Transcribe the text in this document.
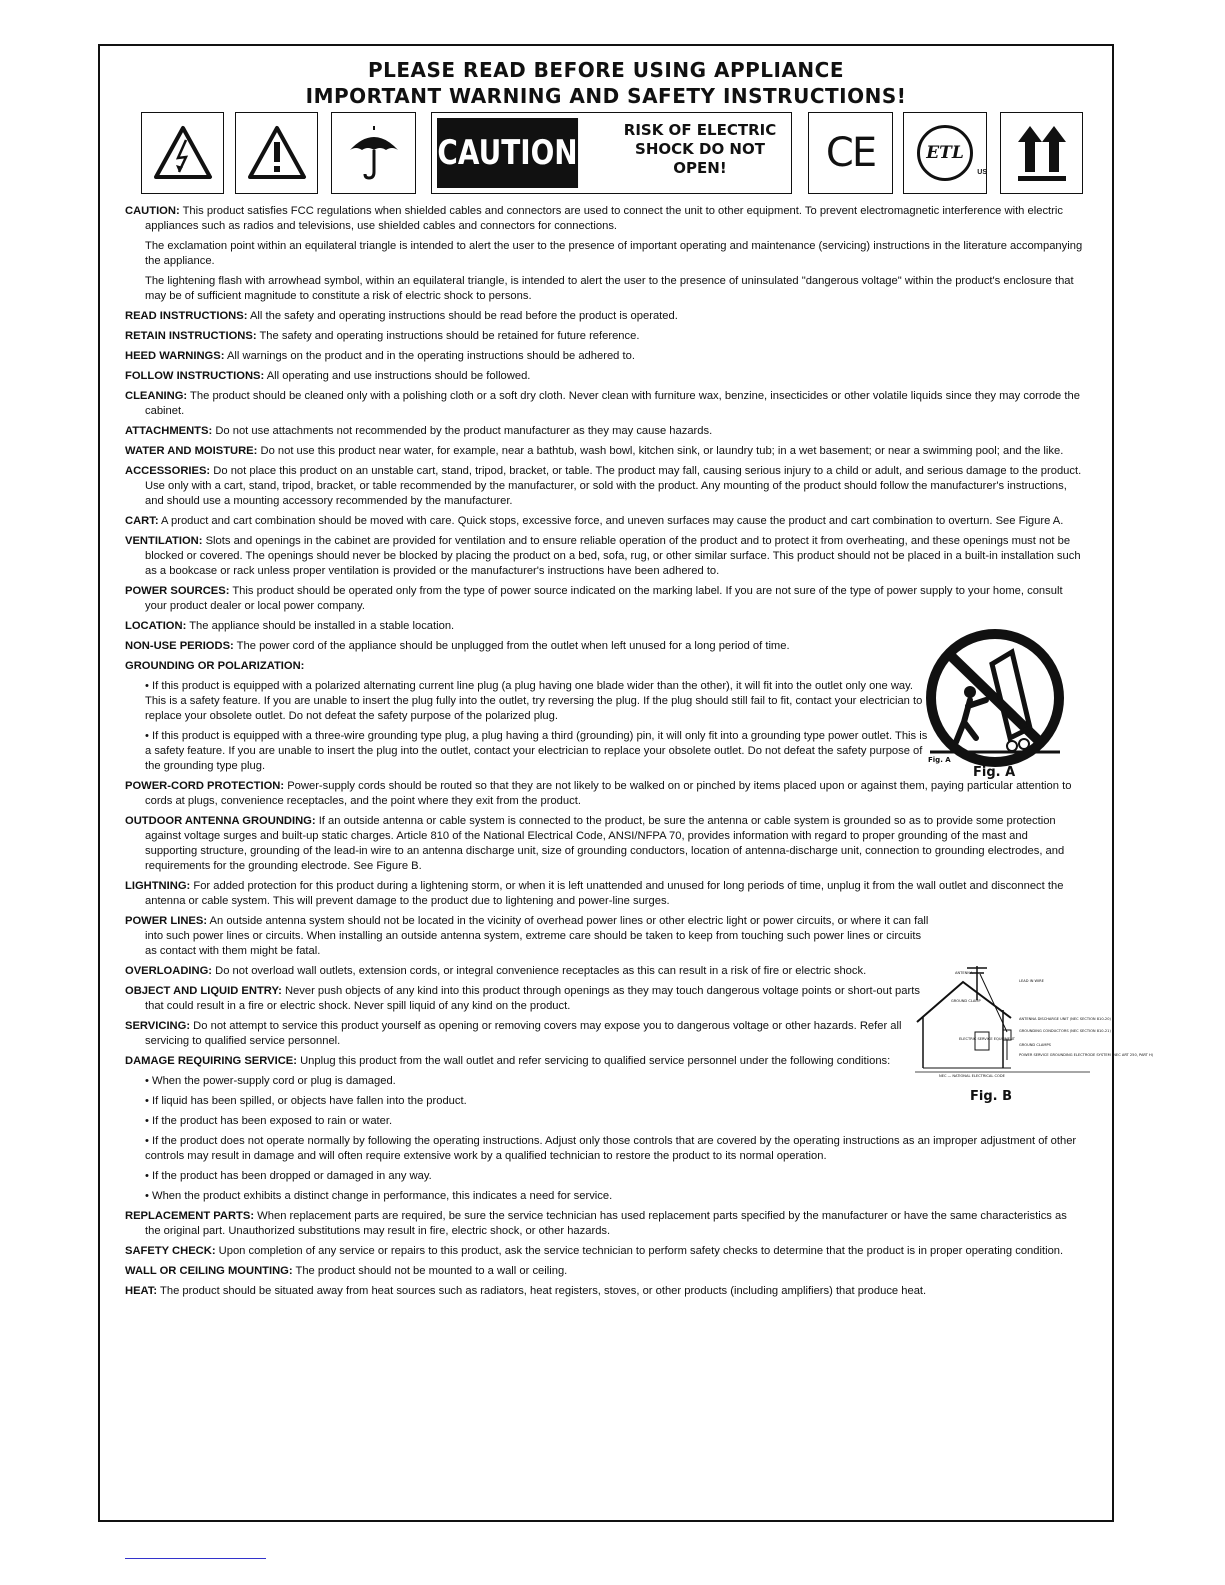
PLEASE READ BEFORE USING APPLIANCE
IMPORTANT WARNING AND SAFETY INSTRUCTIONS!
CAUTION
RISK OF ELECTRIC
SHOCK DO NOT
OPEN!	CE	ETL
US
CAUTION: This product satisfies FCC regulations when shielded cables and connectors are used to connect the unit to other equipment. To prevent electromagnetic interference with electric appliances such as radios and televisions, use shielded cables and connectors for connections.
The exclamation point within an equilateral triangle is intended to alert the user to the presence of important operating and maintenance (servicing) instructions in the literature accompanying the appliance.
The lightening flash with arrowhead symbol, within an equilateral triangle, is intended to alert the user to the presence of uninsulated "dangerous voltage" within the product's enclosure that may be of sufficient magnitude to constitute a risk of electric shock to persons.
READ INSTRUCTIONS: All the safety and operating instructions should be read before the product is operated.
RETAIN INSTRUCTIONS: The safety and operating instructions should be retained for future reference.
HEED WARNINGS: All warnings on the product and in the operating instructions should be adhered to.
FOLLOW INSTRUCTIONS: All operating and use instructions should be followed.
CLEANING: The product should be cleaned only with a polishing cloth or a soft dry cloth. Never clean with furniture wax, benzine, insecticides or other volatile liquids since they may corrode the cabinet.
ATTACHMENTS: Do not use attachments not recommended by the product manufacturer as they may cause hazards.
WATER AND MOISTURE: Do not use this product near water, for example, near a bathtub, wash bowl, kitchen sink, or laundry tub; in a wet basement; or near a swimming pool; and the like.
ACCESSORIES: Do not place this product on an unstable cart, stand, tripod, bracket, or table. The product may fall, causing serious injury to a child or adult, and serious damage to the product. Use only with a cart, stand, tripod, bracket, or table recommended by the manufacturer, or sold with the product. Any mounting of the product should follow the manufacturer's instructions, and should use a mounting accessory recommended by the manufacturer.
CART: A product and cart combination should be moved with care. Quick stops, excessive force, and uneven surfaces may cause the product and cart combination to overturn. See Figure A.
VENTILATION: Slots and openings in the cabinet are provided for ventilation and to ensure reliable operation of the product and to protect it from overheating, and these openings must not be blocked or covered. The openings should never be blocked by placing the product on a bed, sofa, rug, or other similar surface. This product should not be placed in a built-in installation such as a bookcase or rack unless proper ventilation is provided or the manufacturer's instructions have been adhered to.
POWER SOURCES: This product should be operated only from the type of power source indicated on the marking label. If you are not sure of the type of power supply to your home, consult your product dealer or local power company.
LOCATION: The appliance should be installed in a stable location.
NON-USE PERIODS: The power cord of the appliance should be unplugged from the outlet when left unused for a long period of time.
GROUNDING OR POLARIZATION:
• If this product is equipped with a polarized alternating current line plug (a plug having one blade wider than the other), it will fit into the outlet only one way. This is a safety feature. If you are unable to insert the plug fully into the outlet, try reversing the plug. If the plug should still fail to fit, contact your electrician to replace your obsolete outlet. Do not defeat the safety purpose of the polarized plug.
• If this product is equipped with a three-wire grounding type plug, a plug having a third (grounding) pin, it will only fit into a grounding type power outlet. This is a safety feature. If you are unable to insert the plug into the outlet, contact your electrician to replace your obsolete outlet. Do not defeat the safety purpose of the grounding type plug.
POWER-CORD PROTECTION: Power-supply cords should be routed so that they are not likely to be walked on or pinched by items placed upon or against them, paying particular attention to cords at plugs, convenience receptacles, and the point where they exit from the product.
OUTDOOR ANTENNA GROUNDING: If an outside antenna or cable system is connected to the product, be sure the antenna or cable system is grounded so as to provide some protection against voltage surges and built-up static charges. Article 810 of the National Electrical Code, ANSI/NFPA 70, provides information with regard to proper grounding of the mast and supporting structure, grounding of the lead-in wire to an antenna discharge unit, size of grounding conductors, location of antenna-discharge unit, connection to grounding electrodes, and requirements for the grounding electrode. See Figure B.
LIGHTNING: For added protection for this product during a lightening storm, or when it is left unattended and unused for long periods of time, unplug it from the wall outlet and disconnect the antenna or cable system. This will prevent damage to the product due to lightening and power-line surges.
POWER LINES: An outside antenna system should not be located in the vicinity of overhead power lines or other electric light or power circuits, or where it can fall into such power lines or circuits. When installing an outside antenna system, extreme care should be taken to keep from touching such power lines or circuits as contact with them might be fatal.
OVERLOADING: Do not overload wall outlets, extension cords, or integral convenience receptacles as this can result in a risk of fire or electric shock.
OBJECT AND LIQUID ENTRY: Never push objects of any kind into this product through openings as they may touch dangerous voltage points or short-out parts that could result in a fire or electric shock. Never spill liquid of any kind on the product.
SERVICING: Do not attempt to service this product yourself as opening or removing covers may expose you to dangerous voltage or other hazards. Refer all servicing to qualified service personnel.
DAMAGE REQUIRING SERVICE: Unplug this product from the wall outlet and refer servicing to qualified service personnel under the following conditions:
• When the power-supply cord or plug is damaged.
• If liquid has been spilled, or objects have fallen into the product.
• If the product has been exposed to rain or water.
• If the product does not operate normally by following the operating instructions. Adjust only those controls that are covered by the operating instructions as an improper adjustment of other controls may result in damage and will often require extensive work by a qualified technician to restore the product to its normal operation.
• If the product has been dropped or damaged in any way.
• When the product exhibits a distinct change in performance, this indicates a need for service.
REPLACEMENT PARTS: When replacement parts are required, be sure the service technician has used replacement parts specified by the manufacturer or have the same characteristics as the original part. Unauthorized substitutions may result in fire, electric shock, or other hazards.
SAFETY CHECK: Upon completion of any service or repairs to this product, ask the service technician to perform safety checks to determine that the product is in proper operating condition.
WALL OR CEILING MOUNTING: The product should not be mounted to a wall or ceiling.
HEAT: The product should be situated away from heat sources such as radiators, heat registers, stoves, or other products (including amplifiers) that produce heat.
Fig. A
Fig. A
ANTENNA
LEAD IN WIRE
GROUND CLAMP
ANTENNA DISCHARGE UNIT (NEC SECTION 810-20)
GROUNDING CONDUCTORS (NEC SECTION 810-21)
ELECTRIC SERVICE EQUIPMENT
GROUND CLAMPS
POWER SERVICE GROUNDING ELECTRODE SYSTEM (NEC ART 250, PART H)
NEC — NATIONAL ELECTRICAL CODE
Fig. B
